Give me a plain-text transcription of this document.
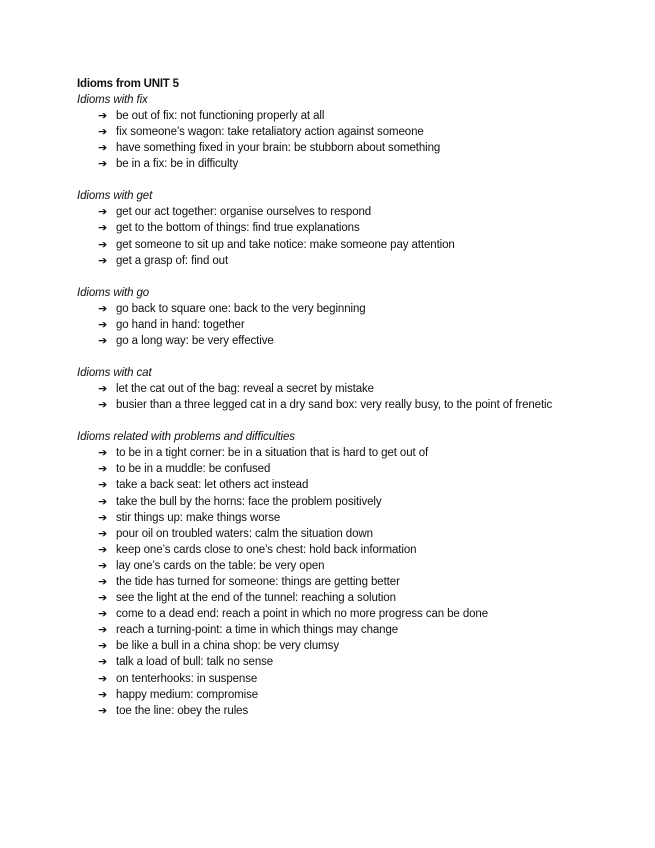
Idioms from UNIT 5

Idioms with fix

➔ be out of fix: not functioning properly at all
➔ fix someone’s wagon: take retaliatory action against someone
➔ have something fixed in your brain: be stubborn about something
➔ be in a fix: be in difficulty

Idioms with get

➔ get our act together: organise ourselves to respond
➔ get to the bottom of things: find true explanations
➔ get someone to sit up and take notice: make someone pay attention
➔ get a grasp of: find out

Idioms with go

➔ go back to square one: back to the very beginning
➔ go hand in hand: together
➔ go a long way: be very effective

Idioms with cat

➔ let the cat out of the bag: reveal a secret by mistake
➔ busier than a three legged cat in a dry sand box: very really busy, to the point of frenetic

Idioms related with problems and difficulties

➔ to be in a tight corner: be in a situation that is hard to get out of
➔ to be in a muddle: be confused
➔ take a back seat: let others act instead
➔ take the bull by the horns: face the problem positively
➔ stir things up: make things worse
➔ pour oil on troubled waters: calm the situation down
➔ keep one’s cards close to one’s chest: hold back information
➔ lay one’s cards on the table: be very open
➔ the tide has turned for someone: things are getting better
➔ see the light at the end of the tunnel: reaching a solution
➔ come to a dead end: reach a point in which no more progress can be done
➔ reach a turning-point: a time in which things may change
➔ be like a bull in a china shop: be very clumsy
➔ talk a load of bull: talk no sense
➔ on tenterhooks: in suspense
➔ happy medium: compromise
➔ toe the line: obey the rules
